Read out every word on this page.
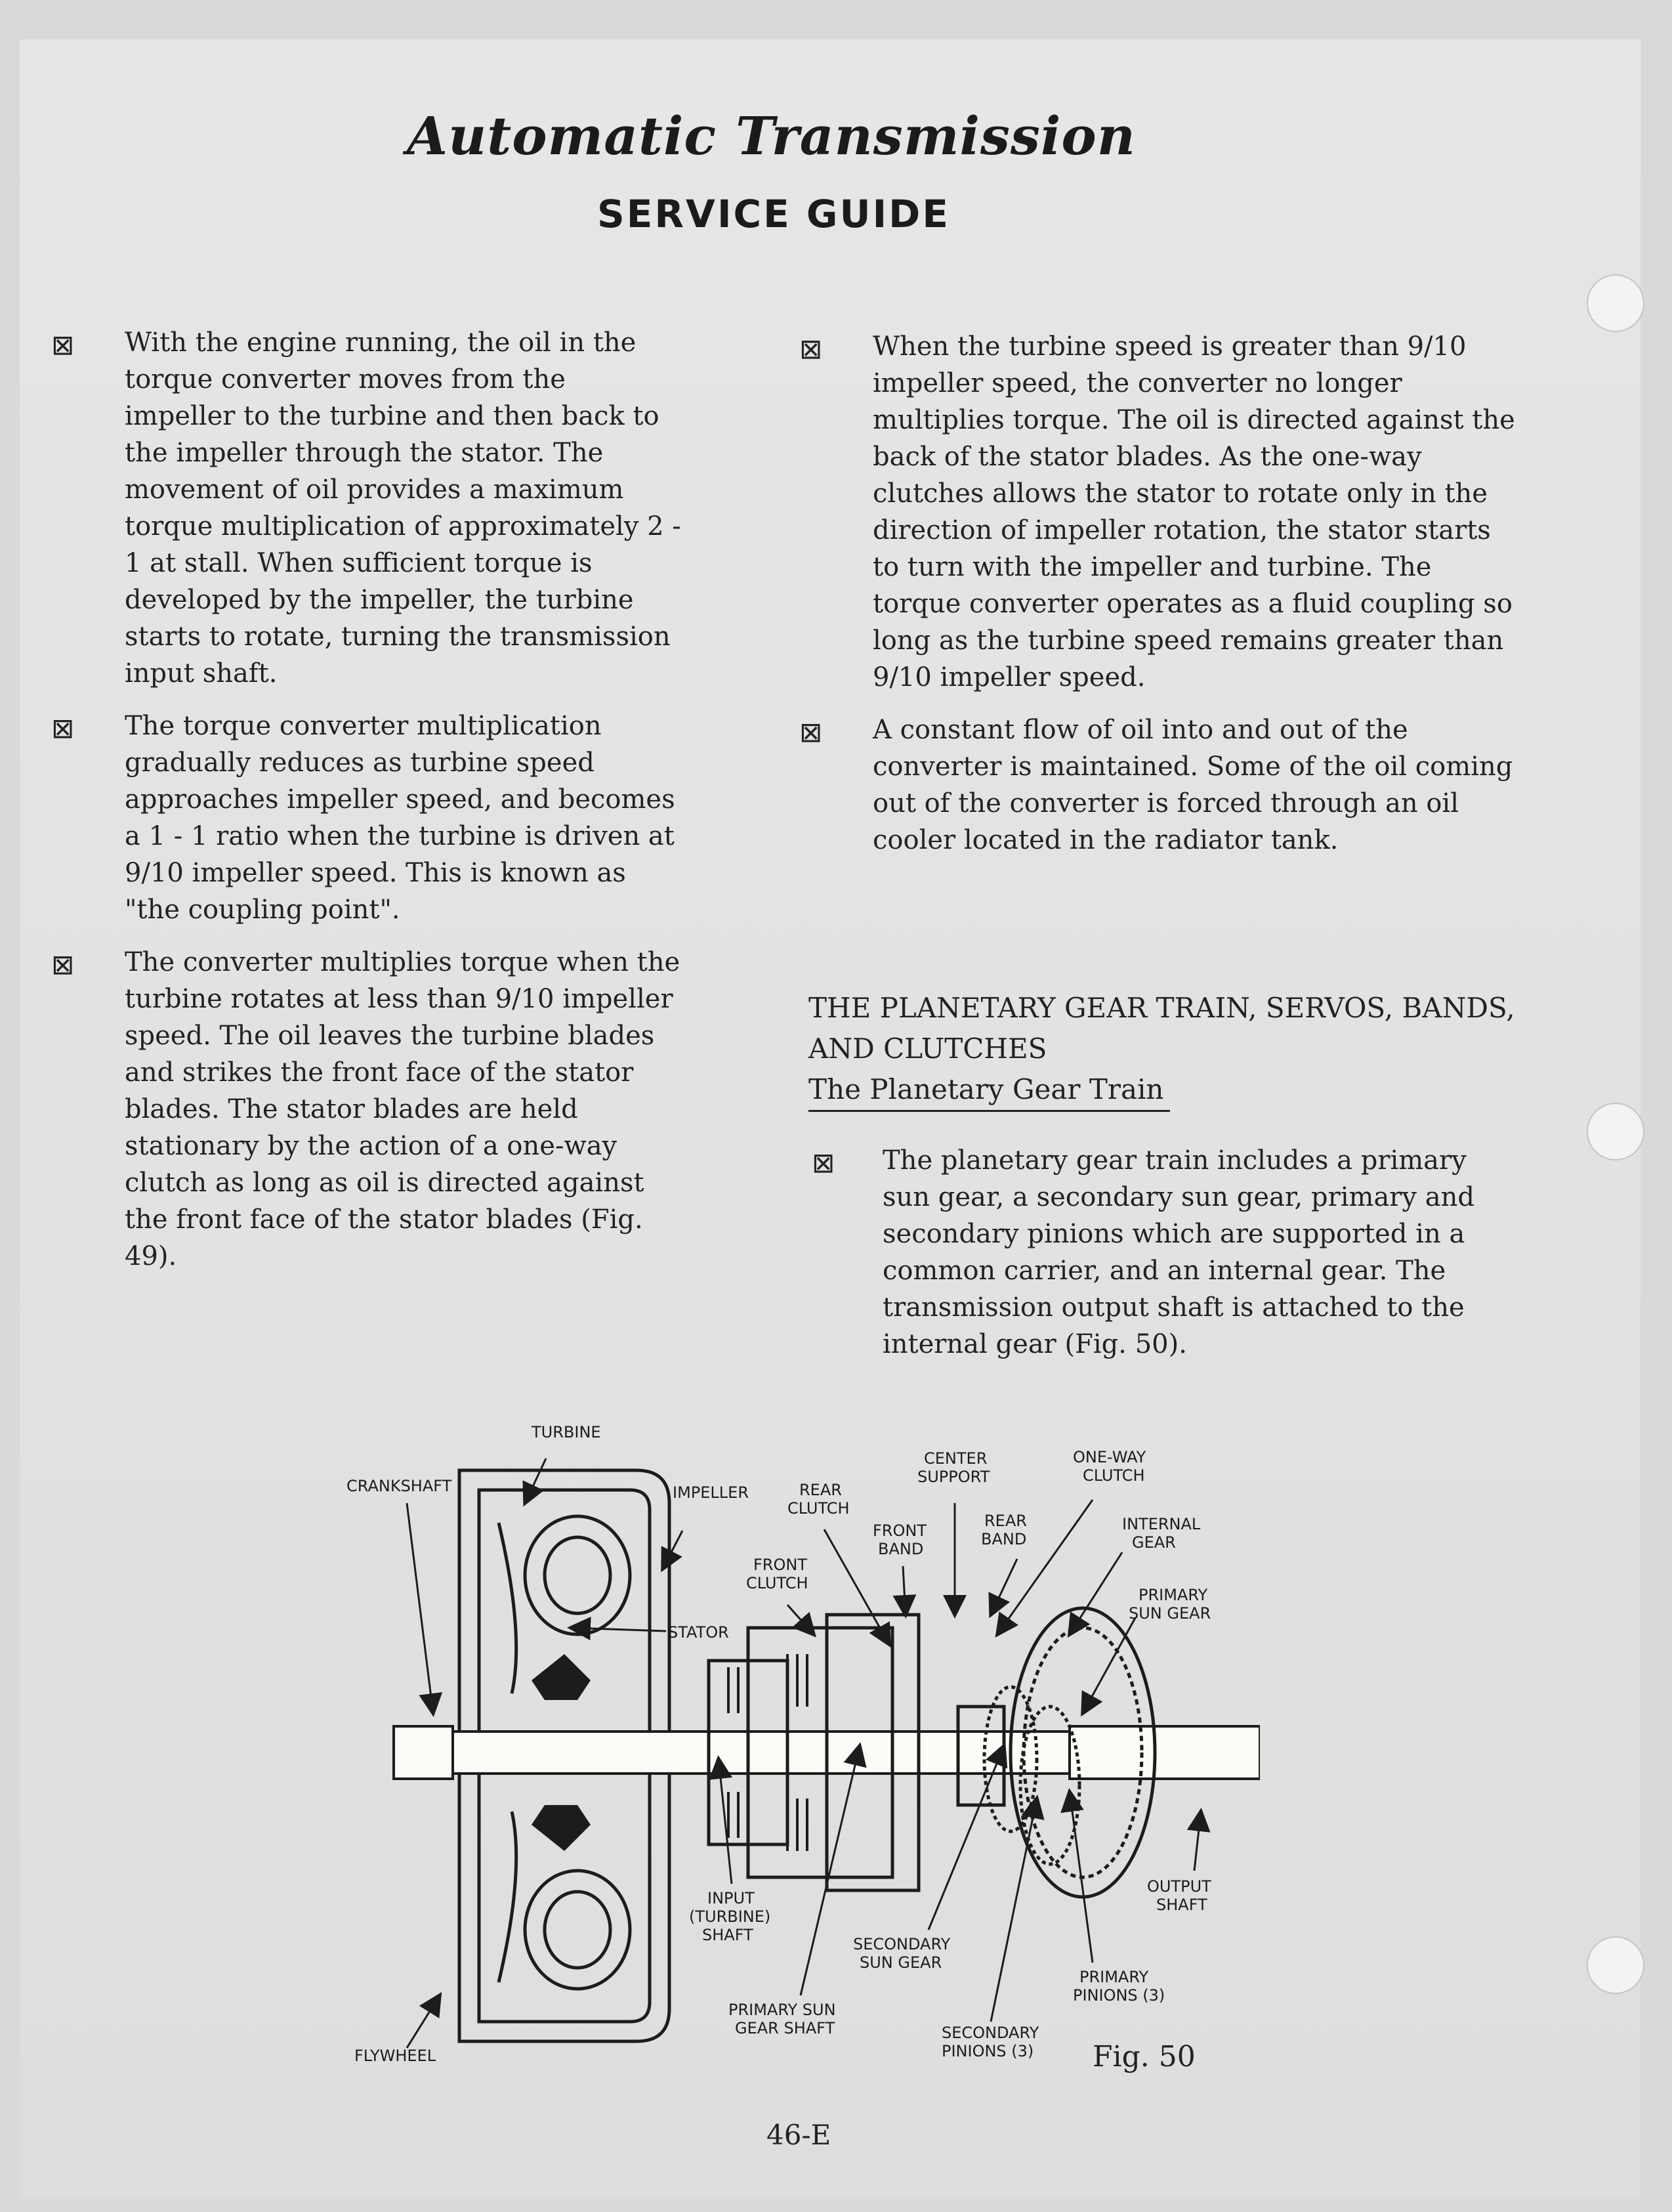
Automatic Transmission
SERVICE GUIDE

⊠ With the engine running, the oil in the torque converter moves from the impeller to the turbine and then back to the impeller through the stator. The movement of oil provides a maximum torque multiplication of approximately 2 - 1 at stall. When sufficient torque is developed by the impeller, the turbine starts to rotate, turning the transmission input shaft.

⊠ The torque converter multiplication gradually reduces as turbine speed approaches impeller speed, and becomes a 1 - 1 ratio when the turbine is driven at 9/10 impeller speed. This is known as "the coupling point".

⊠ The converter multiplies torque when the turbine rotates at less than 9/10 impeller speed. The oil leaves the turbine blades and strikes the front face of the stator blades. The stator blades are held stationary by the action of a one-way clutch as long as oil is directed against the front face of the stator blades (Fig. 49).

⊠ When the turbine speed is greater than 9/10 impeller speed, the converter no longer multiplies torque. The oil is directed against the back of the stator blades. As the one-way clutches allows the stator to rotate only in the direction of impeller rotation, the stator starts to turn with the impeller and turbine. The torque converter operates as a fluid coupling so long as the turbine speed remains greater than 9/10 impeller speed.

⊠ A constant flow of oil into and out of the converter is maintained. Some of the oil coming out of the converter is forced through an oil cooler located in the radiator tank.

THE PLANETARY GEAR TRAIN, SERVOS, BANDS, AND CLUTCHES
The Planetary Gear Train

⊠ The planetary gear train includes a primary sun gear, a secondary sun gear, primary and secondary pinions which are supported in a common carrier, and an internal gear. The transmission output shaft is attached to the internal gear (Fig. 50).

TURBINE
CRANKSHAFT	IMPELLER
STATOR
FLYWHEEL
REAR
CLUTCH
FRONT
CLUTCH
CENTER
SUPPORT
FRONT
BAND
REAR
BAND
ONE-WAY
CLUTCH
INTERNAL
GEAR
PRIMARY
SUN GEAR
INPUT
(TURBINE)
SHAFT
OUTPUT
SHAFT
SECONDARY
SUN GEAR
PRIMARY
PINIONS (3)
PRIMARY SUN
GEAR SHAFT	SECONDARY
PINIONS (3) Fig. 50
46-E
